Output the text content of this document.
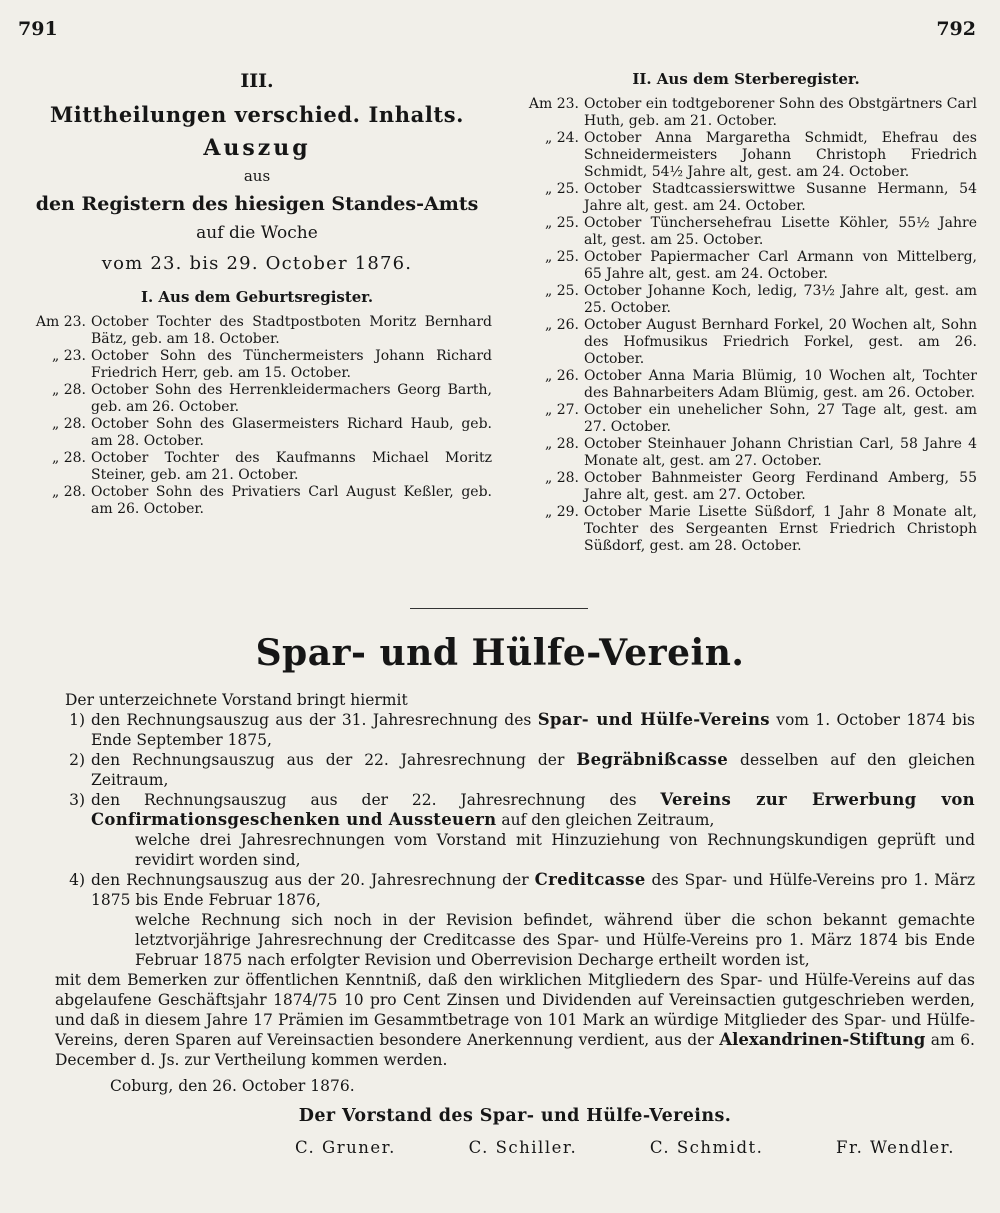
791	792
III.
Mittheilungen verschied. Inhalts.
Auszug
aus
den Registern des hiesigen Standes-Amts
auf die Woche
vom 23. bis 29. October 1876.
I. Aus dem Geburtsregister.
Am 23. October Tochter des Stadtpostboten Moritz Bernhard Bätz, geb. am 18. October.
„ 23. October Sohn des Tünchermeisters Johann Richard Friedrich Herr, geb. am 15. October.
„ 28. October Sohn des Herrenkleidermachers Georg Barth, geb. am 26. October.
„ 28. October Sohn des Glasermeisters Richard Haub, geb. am 28. October.
„ 28. October Tochter des Kaufmanns Michael Moritz Steiner, geb. am 21. October.
„ 28. October Sohn des Privatiers Carl August Keßler, geb. am 26. October.
II. Aus dem Sterberegister.
Am 23. October ein todtgeborener Sohn des Obstgärtners Carl Huth, geb. am 21. October.
„ 24. October Anna Margaretha Schmidt, Ehefrau des Schneidermeisters Johann Christoph Friedrich Schmidt, 54½ Jahre alt, gest. am 24. October.
„ 25. October Stadtcassierswittwe Susanne Hermann, 54 Jahre alt, gest. am 24. October.
„ 25. October Tünchersehefrau Lisette Köhler, 55½ Jahre alt, gest. am 25. October.
„ 25. October Papiermacher Carl Armann von Mittelberg, 65 Jahre alt, gest. am 24. October.
„ 25. October Johanne Koch, ledig, 73½ Jahre alt, gest. am 25. October.
„ 26. October August Bernhard Forkel, 20 Wochen alt, Sohn des Hofmusikus Friedrich Forkel, gest. am 26. October.
„ 26. October Anna Maria Blümig, 10 Wochen alt, Tochter des Bahnarbeiters Adam Blümig, gest. am 26. October.
„ 27. October ein unehelicher Sohn, 27 Tage alt, gest. am 27. October.
„ 28. October Steinhauer Johann Christian Carl, 58 Jahre 4 Monate alt, gest. am 27. October.
„ 28. October Bahnmeister Georg Ferdinand Amberg, 55 Jahre alt, gest. am 27. October.
„ 29. October Marie Lisette Süßdorf, 1 Jahr 8 Monate alt, Tochter des Sergeanten Ernst Friedrich Christoph Süßdorf, gest. am 28. October.
Spar- und Hülfe-Verein.

Der unterzeichnete Vorstand bringt hiermit

1) den Rechnungsauszug aus der 31. Jahresrechnung des Spar- und Hülfe-Vereins vom 1. October 1874 bis Ende September 1875,
2) den Rechnungsauszug aus der 22. Jahresrechnung der Begräbnißcasse desselben auf den gleichen Zeitraum,
3) den Rechnungsauszug aus der 22. Jahresrechnung des Vereins zur Erwerbung von Confirmationsgeschenken und Aussteuern auf den gleichen Zeitraum,

welche drei Jahresrechnungen vom Vorstand mit Hinzuziehung von Rechnungskundigen geprüft und revidirt worden sind,

4) den Rechnungsauszug aus der 20. Jahresrechnung der Creditcasse des Spar- und Hülfe-Vereins pro 1. März 1875 bis Ende Februar 1876,

welche Rechnung sich noch in der Revision befindet, während über die schon bekannt gemachte letztvorjährige Jahresrechnung der Creditcasse des Spar- und Hülfe-Vereins pro 1. März 1874 bis Ende Februar 1875 nach erfolgter Revision und Oberrevision Decharge ertheilt worden ist,

mit dem Bemerken zur öffentlichen Kenntniß, daß den wirklichen Mitgliedern des Spar- und Hülfe-Vereins auf das abgelaufene Geschäftsjahr 1874/75 10 pro Cent Zinsen und Dividenden auf Vereinsactien gutgeschrieben werden, und daß in diesem Jahre 17 Prämien im Gesammtbetrage von 101 Mark an würdige Mitglieder des Spar- und Hülfe-Vereins, deren Sparen auf Vereinsactien besondere Anerkennung verdient, aus der Alexandrinen-Stiftung am 6. December d. Js. zur Vertheilung kommen werden.

Coburg, den 26. October 1876.

Der Vorstand des Spar- und Hülfe-Vereins.

C. Gruner.	C. Schiller.	C. Schmidt.	Fr. Wendler.
